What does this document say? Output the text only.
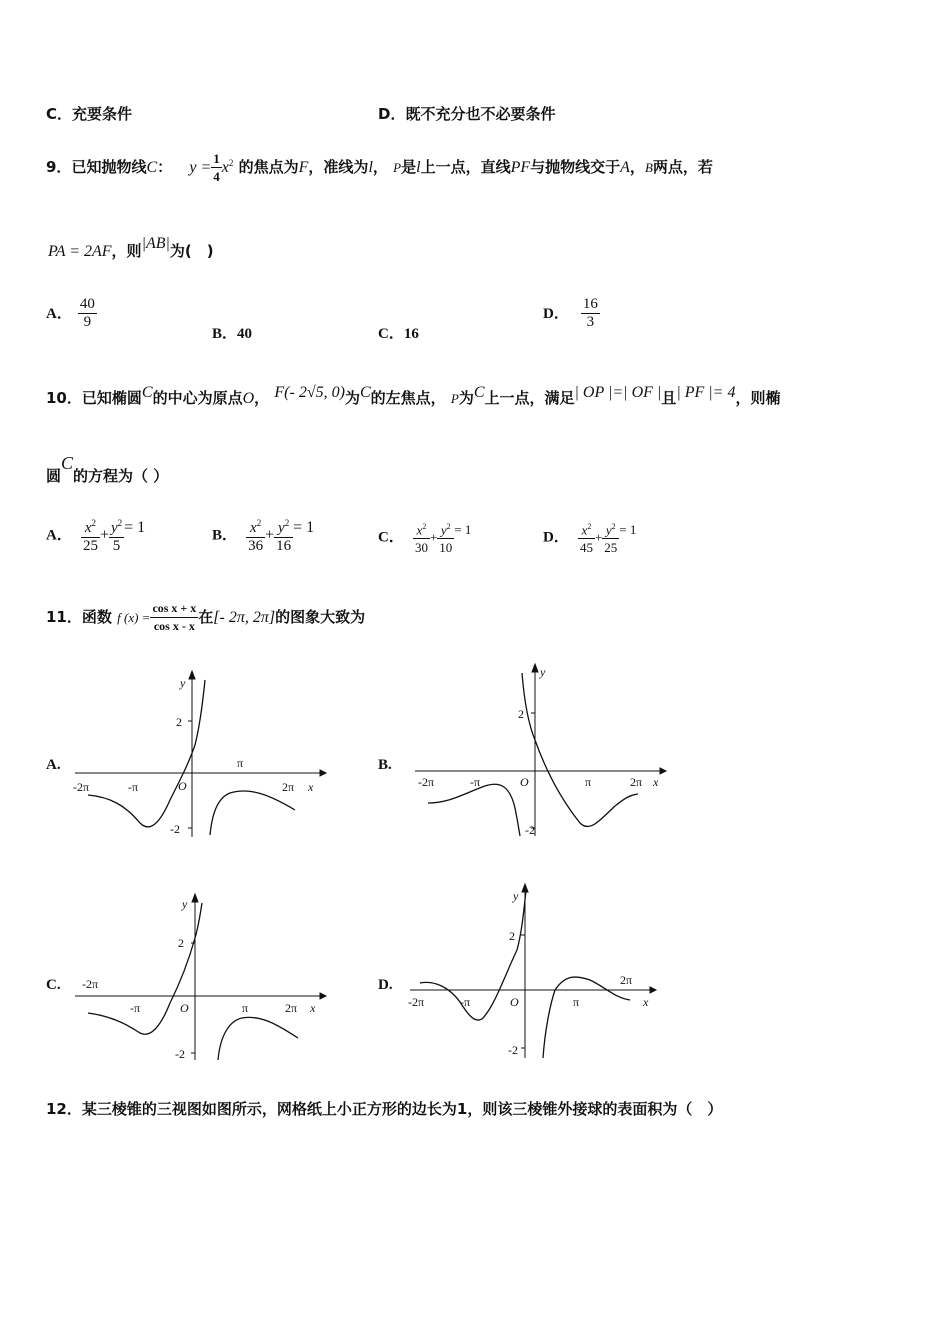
C．充要条件	D．既不充分也不必要条件
9．已知抛物线C： $y = \frac{1}{4} x^2$ 的焦点为F，准线为l， P是l上一点，直线PF与抛物线交于A，B两点，若
PA = 2AF，则|AB|为(　)
A． $\frac{40}{9}$
B．40	C．16
D． $\frac{16}{3}$
10．已知椭圆C的中心为原点O， F(- 2√5, 0)为C的左焦点， P为C上一点，满足| OP |=| OF |且| PF |= 4，则椭
圆C的方程为（ ）
A． $\frac{x^2}{25} + \frac{y^2}{5} = 1$	B． $\frac{x^2}{36} + \frac{y^2}{16} = 1$
C． $\frac{x^2}{30} + \frac{y^2}{10} ^{= 1}$
D． $\frac{x^2}{45} + \frac{y^2}{25} ^{= 1}$
11．函数 f $(x) = \frac{\text{cos x + x}}{\text{cos x - x}}$ 在[- 2π, 2π]的图象大致为
A.
y
2
-2
-2π	-π	O
π
2π x
B.
y
2
-2
-2π	-π	O	π	2π x
C.
y
2
-2
-2π
-π	O	π	2π x
D.
y
2
-2
-2π	-π	O	π
2π
x
12．某三棱锥的三视图如图所示，网格纸上小正方形的边长为1，则该三棱锥外接球的表面积为（　）
